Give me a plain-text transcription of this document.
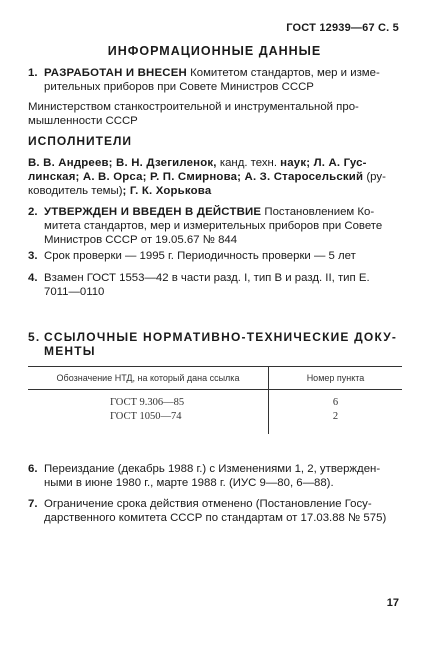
ГОСТ 12939—67 С. 5
ИНФОРМАЦИОННЫЕ ДАННЫЕ
1. РАЗРАБОТАН И ВНЕСЕН Комитетом стандартов, мер и изме-
рительных приборов при Совете Министров СССР
Министерством станкостроительной и инструментальной про-
мышленности СССР
ИСПОЛНИТЕЛИ
В. В. Андреев; В. Н. Дзегиленок, канд. техн. наук; Л. А. Гус-
линская; А. В. Орса; Р. П. Смирнова; А. З. Старосельский (ру-
ководитель темы); Г. К. Хорькова
2. УТВЕРЖДЕН И ВВЕДЕН В ДЕЙСТВИЕ Постановлением Ко-
митета стандартов, мер и измерительных приборов при Совете
Министров СССР от 19.05.67 № 844
3. Срок проверки — 1995 г. Периодичность проверки — 5 лет
4. Взамен ГОСТ 1553—42 в части разд. I, тип В и разд. II, тип Е.
7011—0110
5. ССЫЛОЧНЫЕ НОРМАТИВНО-ТЕХНИЧЕСКИЕ ДОКУ-
МЕНТЫ
Обозначение НТД, на который дана ссылка	Номер пункта
ГОСТ 9.306—85	6
ГОСТ 1050—74	2
6. Переиздание (декабрь 1988 г.) с Изменениями 1, 2, утвержден-
ными в июне 1980 г., марте 1988 г. (ИУС 9—80, 6—88).
7. Ограничение срока действия отменено (Постановление Госу-
дарственного комитета СССР по стандартам от 17.03.88 № 575)
17
